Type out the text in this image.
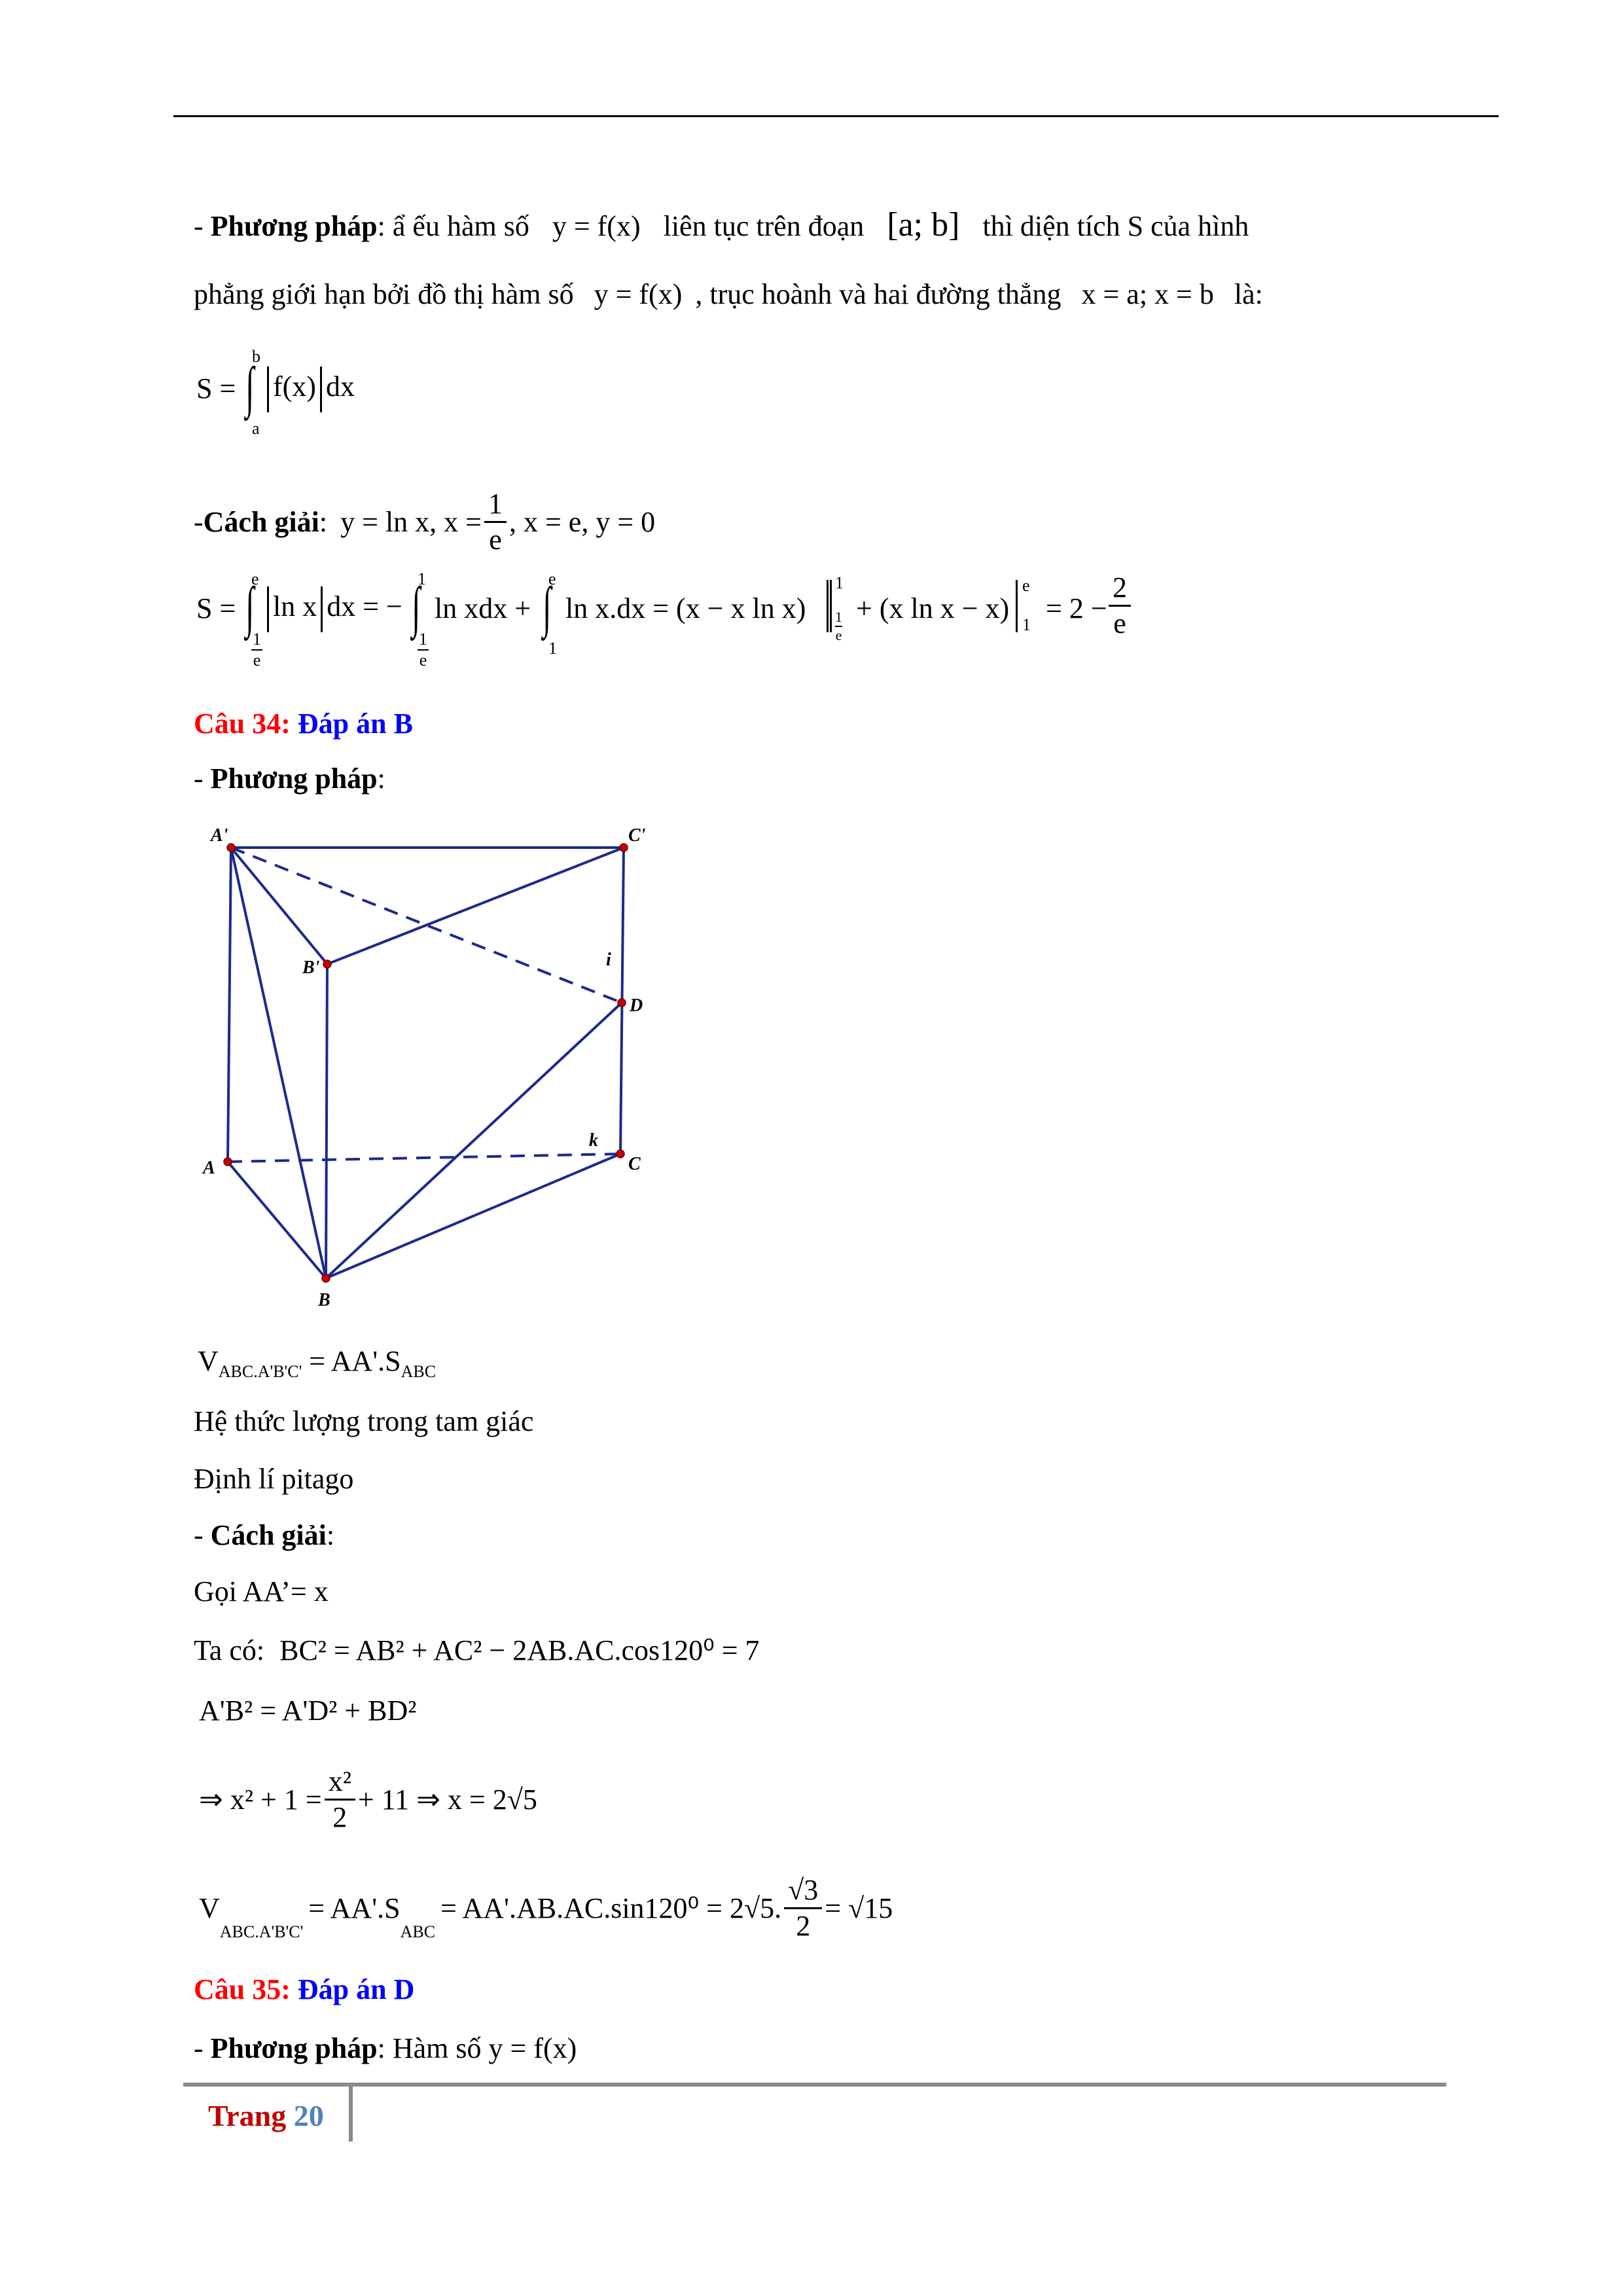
- Phương pháp: ẩ ếu hàm số y = f(x) liên tục trên đoạn [a; b] thì diện tích S của hình
phẳng giới hạn bởi đồ thị hàm số y = f(x) , trục hoành và hai đường thẳng x = a; x = b là:
S =
b
∫
a
f(x) dx
- Cách giải : y = ln x, $x = \frac{1}{e}$ , x = e, y = 0
S =
e
∫
$\frac{1}{e}$
ln x dx = −
1
∫
$\frac{1}{e}$
ln xdx +
e
∫
1
ln x.dx = (x − x ln x)
1
$\frac{1}{e}$
+ (x ln x − x)
e
1
= $2 - \frac{2}{e}$
Câu 34: Đáp án B
- Phương pháp:
A'	C'
B'	i
D
k
A	C
B
$V_{ABC.A'B'C'} = AA'.S_{ABC}$
Hệ thức lượng trong tam giác
Định lí pitago
- Cách giải:
Gọi AA’= x
Ta có: BC² = AB² + AC² − 2AB.AC.cos120⁰ = 7
A'B² = A'D² + BD²
⇒ $x^2 + 1 = \frac{\text{x²}}{2} + 11$ ⇒ x = 2√5
V
ABC.A'B'C'
= AA'.S
ABC
= AA'.AB.AC.sin120⁰ = 2√5. $\frac{√3}{2} = √15$
Câu 35: Đáp án D
- Phương pháp: Hàm số y = f(x)
Trang 20
